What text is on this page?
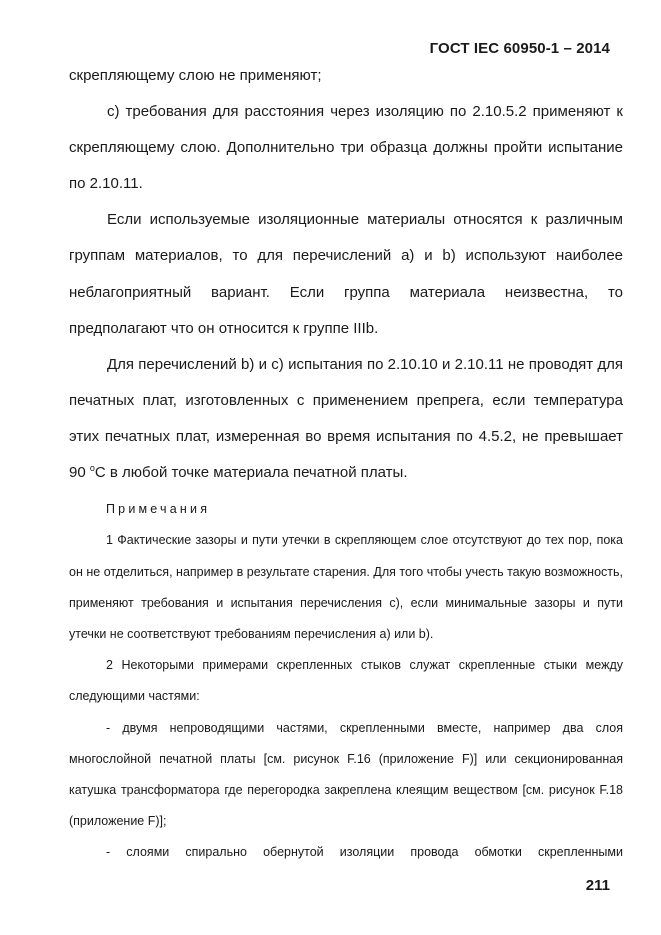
ГОСТ IEC 60950-1 – 2014

скрепляющему слою не применяют;

c) требования для расстояния через изоляцию по 2.10.5.2 применяют к скрепляющему слою. Дополнительно три образца должны пройти испытание по 2.10.11.

Если используемые изоляционные материалы относятся к различным группам материалов, то для перечислений a) и b) используют наиболее неблагоприятный вариант. Если группа материала неизвестна, то предполагают что он относится к группе IIIb.

Для перечислений b) и c) испытания по 2.10.10 и 2.10.11 не проводят для печатных плат, изготовленных с применением препрега, если температура этих печатных плат, измеренная во время испытания по 4.5.2, не превышает 90 $^o$C в любой точке материала печатной платы.

Примечания

1 Фактические зазоры и пути утечки в скрепляющем слое отсутствуют до тех пор, пока он не отделиться, например в результате старения. Для того чтобы учесть такую возможность, применяют требования и испытания перечисления c), если минимальные зазоры и пути утечки не соответствуют требованиям перечисления a) или b).

2 Некоторыми примерами скрепленных стыков служат скрепленные стыки между следующими частями:

- двумя непроводящими частями, скрепленными вместе, например два слоя многослойной печатной платы [см. рисунок F.16 (приложение F)] или секционированная катушка трансформатора где перегородка закреплена клеящим веществом [см. рисунок F.18 (приложение F)];

- слоями спирально обернутой изоляции провода обмотки скрепленными

211
